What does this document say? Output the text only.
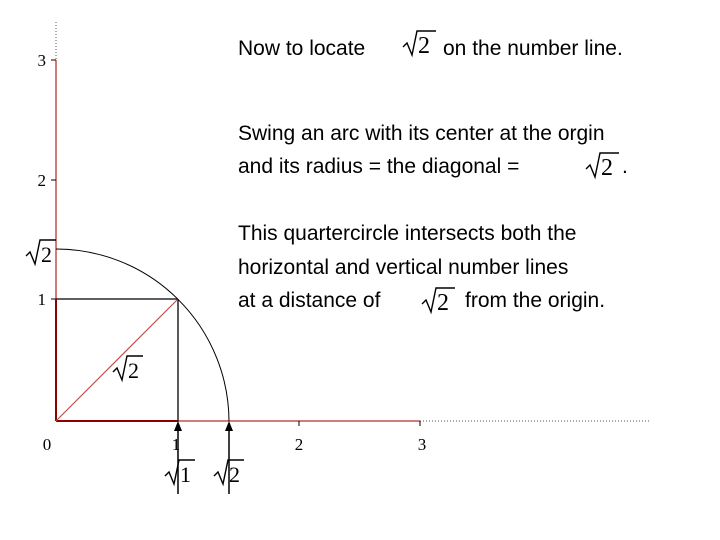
3
2
1
0	1	2	3
2
2
1 2
Now to locate 2 on the number line.
Swing an arc with its center at the orgin
and its radius = the diagonal =	2 .
This quartercircle intersects both the
horizontal and vertical number lines
at a distance of 2 from the origin.
